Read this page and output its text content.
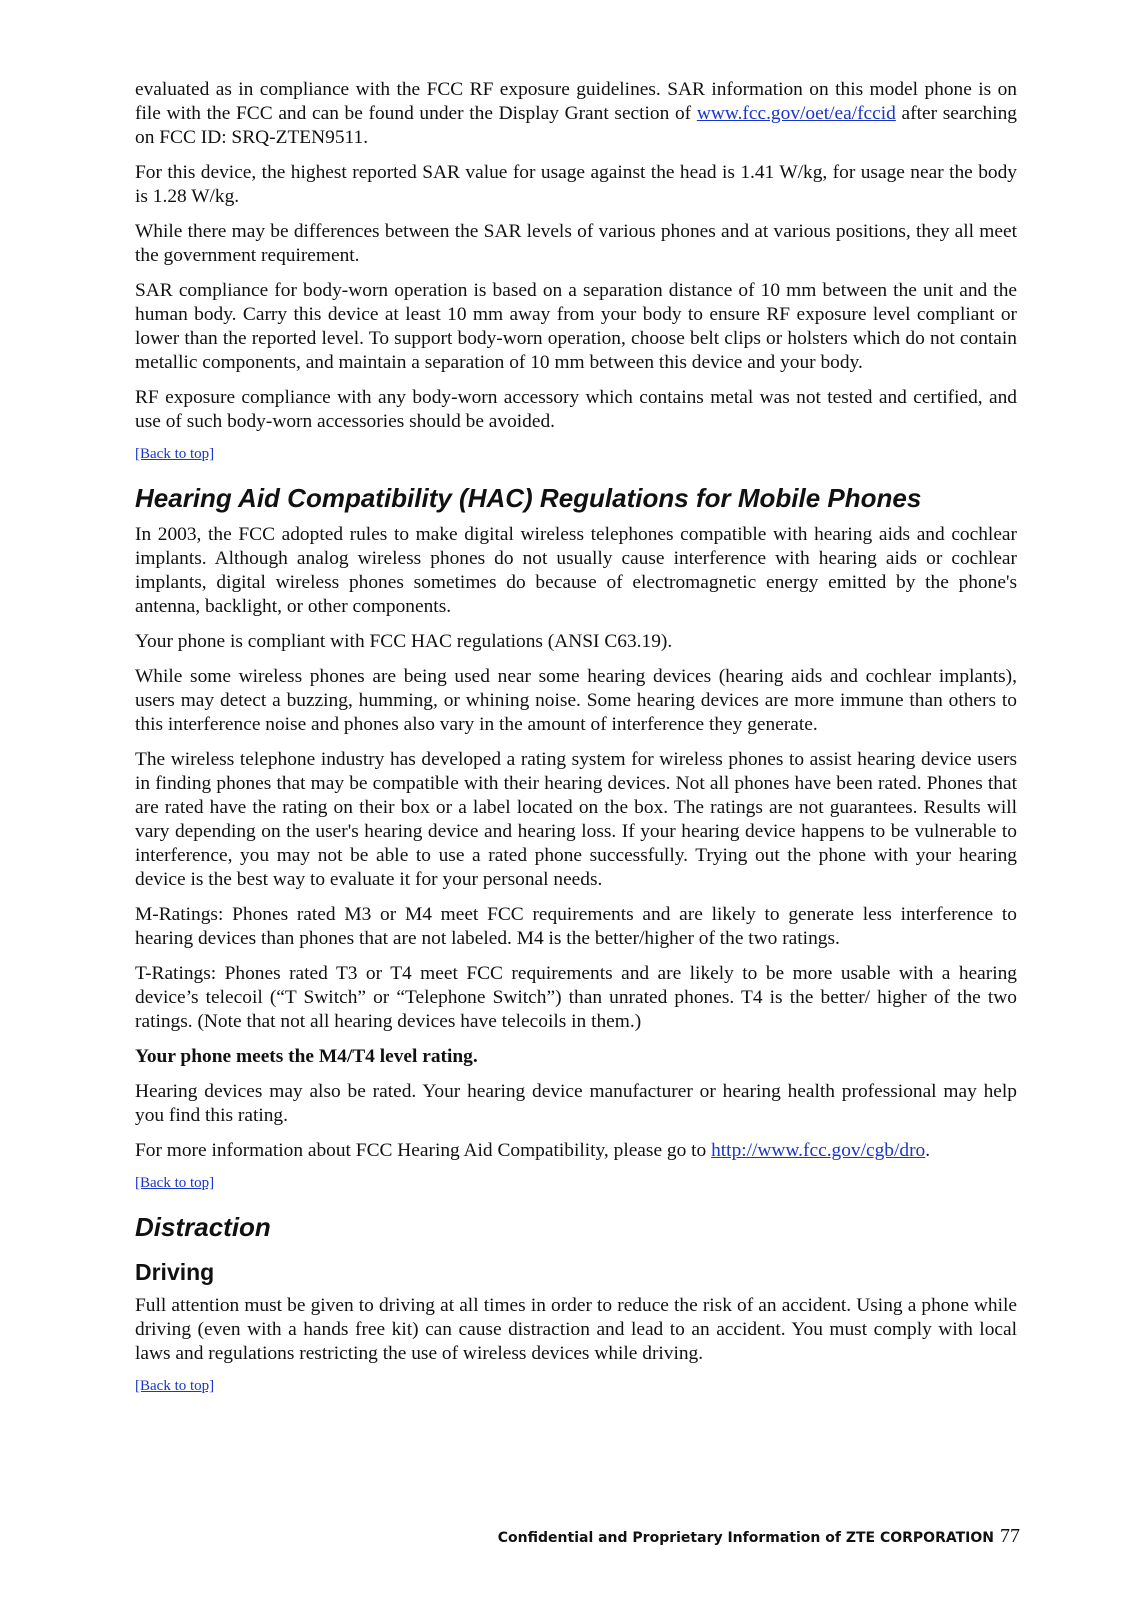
evaluated as in compliance with the FCC RF exposure guidelines. SAR information on this model phone is on file with the FCC and can be found under the Display Grant section of www.fcc.gov/oet/ea/fccid after searching on FCC ID: SRQ-ZTEN9511.

For this device, the highest reported SAR value for usage against the head is 1.41 W/kg, for usage near the body is 1.28 W/kg.

While there may be differences between the SAR levels of various phones and at various positions, they all meet the government requirement.

SAR compliance for body-worn operation is based on a separation distance of 10 mm between the unit and the human body. Carry this device at least 10 mm away from your body to ensure RF exposure level compliant or lower than the reported level. To support body-worn operation, choose belt clips or holsters which do not contain metallic components, and maintain a separation of 10 mm between this device and your body.

RF exposure compliance with any body-worn accessory which contains metal was not tested and certified, and use of such body-worn accessories should be avoided.

[Back to top]
Hearing Aid Compatibility (HAC) Regulations for Mobile Phones

In 2003, the FCC adopted rules to make digital wireless telephones compatible with hearing aids and cochlear implants. Although analog wireless phones do not usually cause interference with hearing aids or cochlear implants, digital wireless phones sometimes do because of electromagnetic energy emitted by the phone's antenna, backlight, or other components.

Your phone is compliant with FCC HAC regulations (ANSI C63.19).

While some wireless phones are being used near some hearing devices (hearing aids and cochlear implants), users may detect a buzzing, humming, or whining noise. Some hearing devices are more immune than others to this interference noise and phones also vary in the amount of interference they generate.

The wireless telephone industry has developed a rating system for wireless phones to assist hearing device users in finding phones that may be compatible with their hearing devices. Not all phones have been rated. Phones that are rated have the rating on their box or a label located on the box. The ratings are not guarantees. Results will vary depending on the user's hearing device and hearing loss. If your hearing device happens to be vulnerable to interference, you may not be able to use a rated phone successfully. Trying out the phone with your hearing device is the best way to evaluate it for your personal needs.

M-Ratings: Phones rated M3 or M4 meet FCC requirements and are likely to generate less interference to hearing devices than phones that are not labeled. M4 is the better/higher of the two ratings.

T-Ratings: Phones rated T3 or T4 meet FCC requirements and are likely to be more usable with a hearing device’s telecoil (“T Switch” or “Telephone Switch”) than unrated phones. T4 is the better/ higher of the two ratings. (Note that not all hearing devices have telecoils in them.)

Your phone meets the M4/T4 level rating.

Hearing devices may also be rated. Your hearing device manufacturer or hearing health professional may help you find this rating.

For more information about FCC Hearing Aid Compatibility, please go to http://www.fcc.gov/cgb/dro.

[Back to top]
Distraction
Driving

Full attention must be given to driving at all times in order to reduce the risk of an accident. Using a phone while driving (even with a hands free kit) can cause distraction and lead to an accident. You must comply with local laws and regulations restricting the use of wireless devices while driving.

[Back to top]
Confidential and Proprietary Information of ZTE CORPORATION 77
